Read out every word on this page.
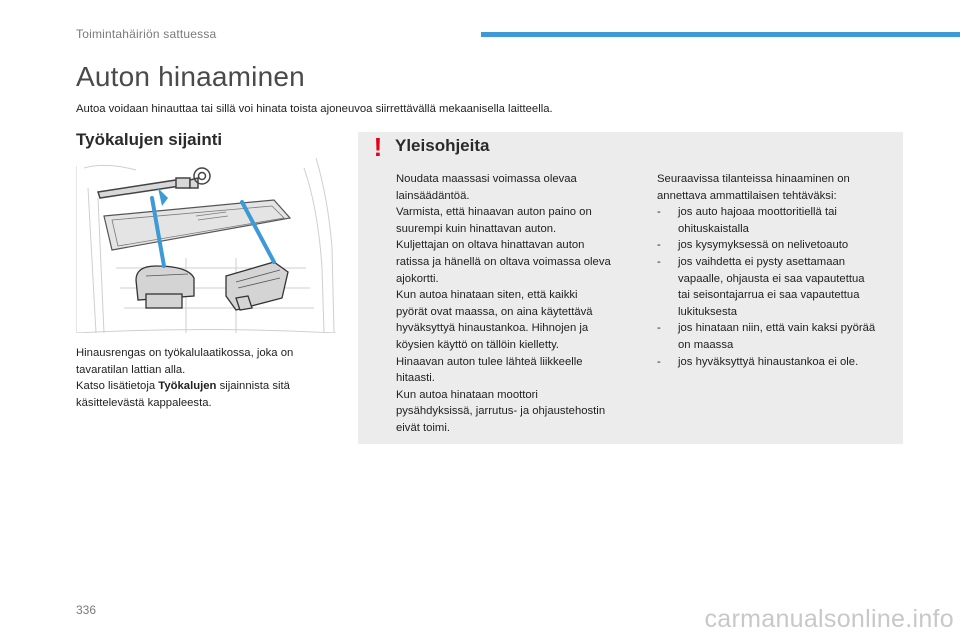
Toimintahäiriön sattuessa
Auton hinaaminen
Autoa voidaan hinauttaa tai sillä voi hinata toista ajoneuvoa siirrettävällä mekaanisella laitteella.
Työkalujen sijainti

Hinausrengas on työkalulaatikossa, joka on
tavaratilan lattian alla.

Katso lisätietoja Työkalujen sijainnista sitä
käsittelevästä kappaleesta.

! Yleisohjeita

Noudata maassasi voimassa olevaa
lainsäädäntöä.
Varmista, että hinaavan auton paino on
suurempi kuin hinattavan auton.
Kuljettajan on oltava hinattavan auton
ratissa ja hänellä on oltava voimassa oleva
ajokortti.
Kun autoa hinataan siten, että kaikki
pyörät ovat maassa, on aina käytettävä
hyväksyttyä hinaustankoa. Hihnojen ja
köysien käyttö on tällöin kielletty.
Hinaavan auton tulee lähteä liikkeelle
hitaasti.
Kun autoa hinataan moottori
pysähdyksissä, jarrutus- ja ohjaustehostin
eivät toimi.

Seuraavissa tilanteissa hinaaminen on
annettava ammattilaisen tehtäväksi:

- jos auto hajoaa moottoritiellä tai
ohituskaistalla
- jos kysymyksessä on nelivetoauto
- jos vaihdetta ei pysty asettamaan
vapaalle, ohjausta ei saa vapautettua
tai seisontajarrua ei saa vapautettua
lukituksesta
- jos hinataan niin, että vain kaksi pyörää
on maassa
- jos hyväksyttyä hinaustankoa ei ole.
336	carmanualsonline.info
